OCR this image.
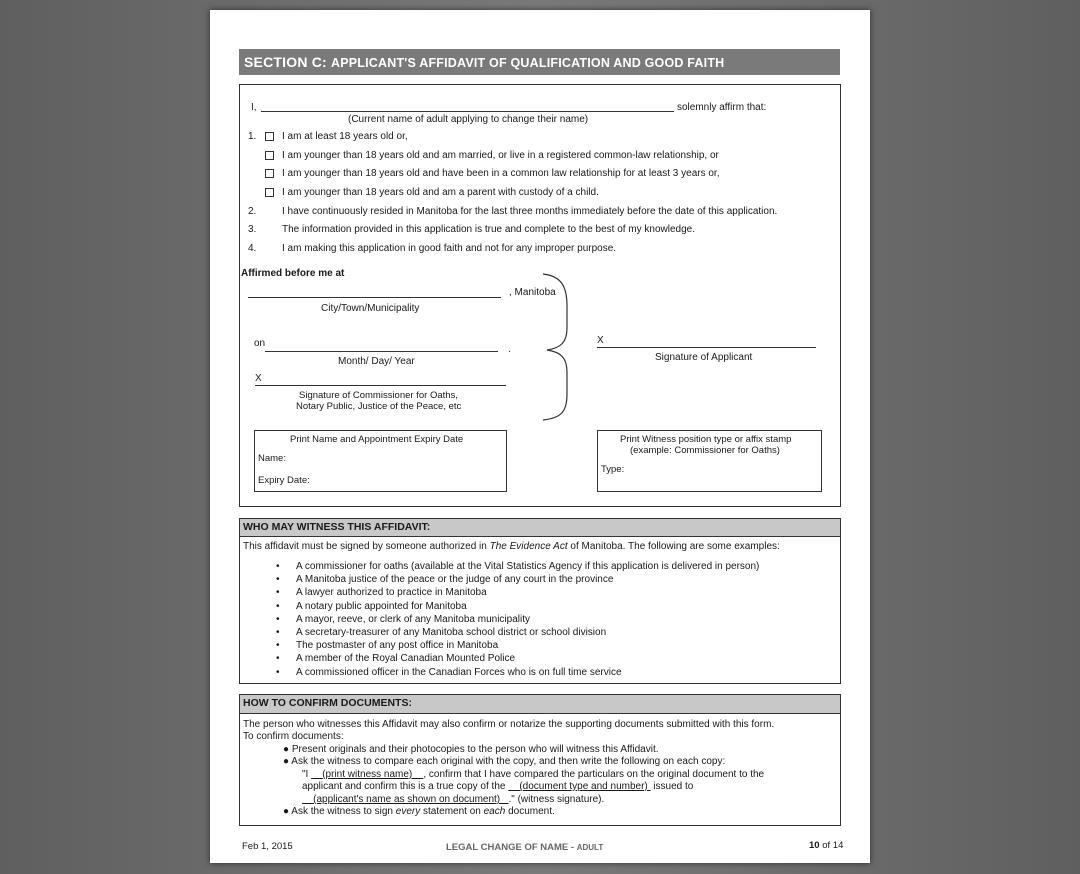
SECTION C: APPLICANT'S AFFIDAVIT OF QUALIFICATION AND GOOD FAITH
I,	solemnly affirm that:
(Current name of adult applying to change their name)
1.	I am at least 18 years old or,
I am younger than 18 years old and am married, or live in a registered common-law relationship, or
I am younger than 18 years old and have been in a common law relationship for at least 3 years or,
I am younger than 18 years old and am a parent with custody of a child.
2.	I have continuously resided in Manitoba for the last three months immediately before the date of this application.
3.	The information provided in this application is true and complete to the best of my knowledge.
4.	I am making this application in good faith and not for any improper purpose.
Affirmed before me at
, Manitoba
City/Town/Municipality
on
.
Month/ Day/ Year
X
Signature of Commissioner for Oaths,
Notary Public, Justice of the Peace, etc
X
Signature of Applicant
Print Name and Appointment Expiry Date
Name:
Expiry Date:
Print Witness position type or affix stamp
(example: Commissioner for Oaths)
Type:
WHO MAY WITNESS THIS AFFIDAVIT:
This affidavit must be signed by someone authorized in The Evidence Act of Manitoba. The following are some examples:
• A commissioner for oaths (available at the Vital Statistics Agency if this application is delivered in person)
• A Manitoba justice of the peace or the judge of any court in the province
• A lawyer authorized to practice in Manitoba
• A notary public appointed for Manitoba
• A mayor, reeve, or clerk of any Manitoba municipality
• A secretary-treasurer of any Manitoba school district or school division
• The postmaster of any post office in Manitoba
• A member of the Royal Canadian Mounted Police
• A commissioned officer in the Canadian Forces who is on full time service
HOW TO CONFIRM DOCUMENTS:
The person who witnesses this Affidavit may also confirm or notarize the supporting documents submitted with this form.
To confirm documents:
● Present originals and their photocopies to the person who will witness this Affidavit.
● Ask the witness to compare each original with the copy, and then write the following on each copy:
"I     (print witness name)    , confirm that I have compared the particulars on the original document to the
applicant and confirm this is a true copy of the     (document type and number)  issued to
(applicant's name as shown on document)   ." (witness signature).
● Ask the witness to sign every statement on each document.
Feb 1, 2015	LEGAL CHANGE OF NAME - ADULT	10 of 14
